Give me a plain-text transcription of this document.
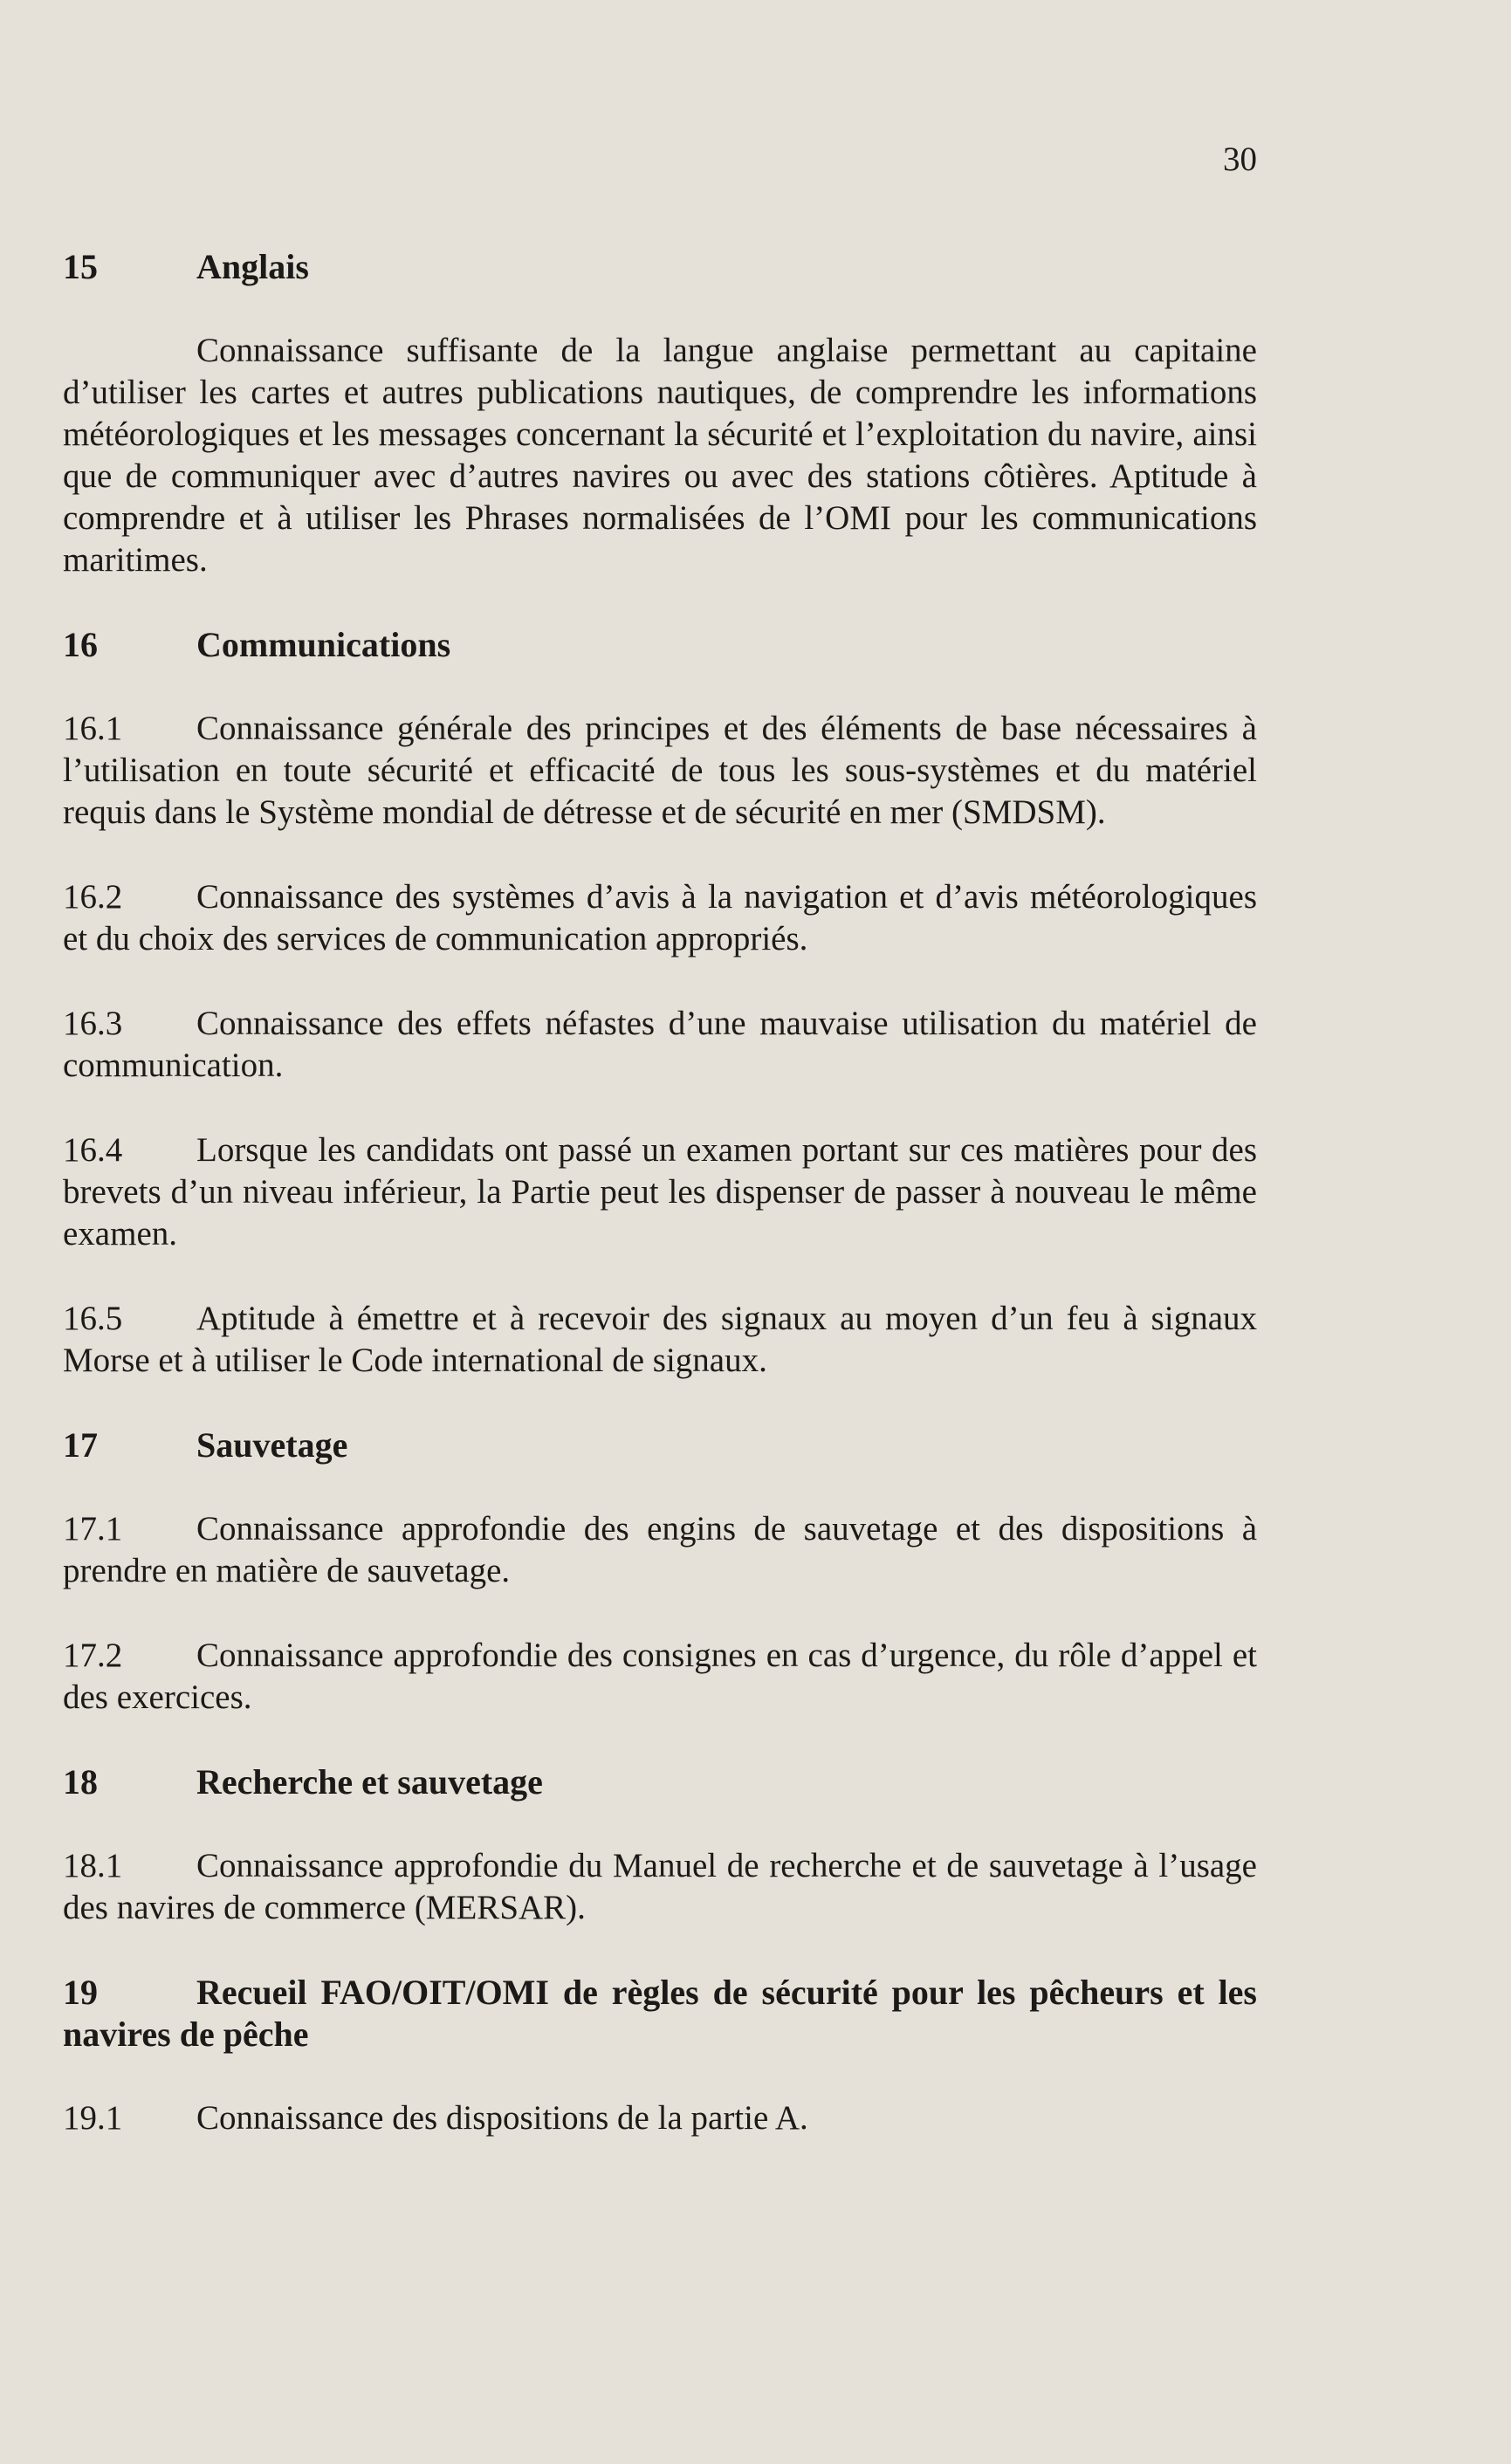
30
15	Anglais

Connaissance suffisante de la langue anglaise permettant au capitaine d’utiliser les cartes et autres publications nautiques, de comprendre les informations météorologiques et les messages concernant la sécurité et l’exploitation du navire, ainsi que de communiquer avec d’autres navires ou avec des stations côtières. Aptitude à comprendre et à utiliser les Phrases normalisées de l’OMI pour les communications maritimes.

16	Communications

16.1 Connaissance générale des principes et des éléments de base nécessaires à l’utilisation en toute sécurité et efficacité de tous les sous-systèmes et du matériel requis dans le Système mondial de détresse et de sécurité en mer (SMDSM).

16.2 Connaissance des systèmes d’avis à la navigation et d’avis météorologiques et du choix des services de communication appropriés.

16.3 Connaissance des effets néfastes d’une mauvaise utilisation du matériel de communication.

16.4 Lorsque les candidats ont passé un examen portant sur ces matières pour des brevets d’un niveau inférieur, la Partie peut les dispenser de passer à nouveau le même examen.

16.5 Aptitude à émettre et à recevoir des signaux au moyen d’un feu à signaux Morse et à utiliser le Code international de signaux.

17	Sauvetage

17.1 Connaissance approfondie des engins de sauvetage et des dispositions à prendre en matière de sauvetage.

17.2 Connaissance approfondie des consignes en cas d’urgence, du rôle d’appel et des exercices.

18	Recherche et sauvetage

18.1 Connaissance approfondie du Manuel de recherche et de sauvetage à l’usage des navires de commerce (MERSAR).

19	Recueil FAO/OIT/OMI de règles de sécurité pour les pêcheurs et les navires de pêche

19.1 Connaissance des dispositions de la partie A.
